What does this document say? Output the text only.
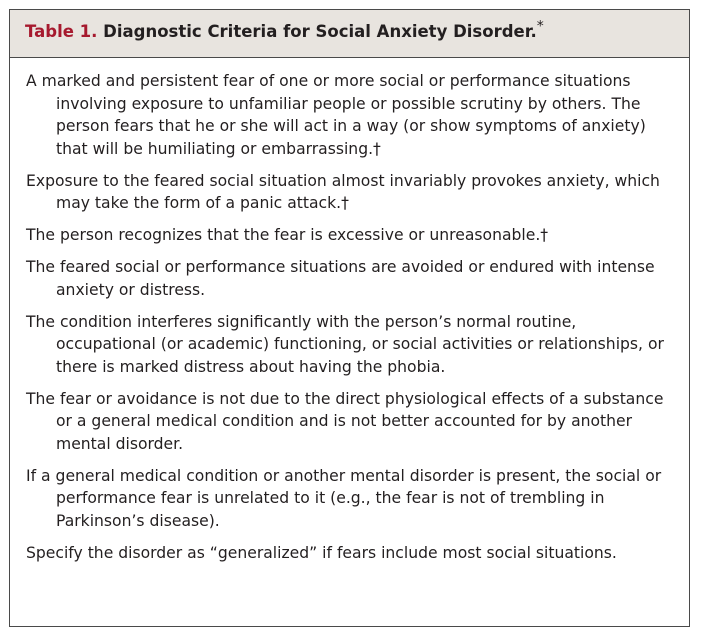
Table 1. Diagnostic Criteria for Social Anxiety Disorder.*
A marked and persistent fear of one or more social or performance situations involving exposure to unfamiliar people or possible scrutiny by others. The person fears that he or she will act in a way (or show symptoms of anxiety) that will be humiliating or embarrassing.†
Exposure to the feared social situation almost invariably provokes anxiety, which may take the form of a panic attack.†
The person recognizes that the fear is excessive or unreasonable.†
The feared social or performance situations are avoided or endured with intense anxiety or distress.
The condition interferes significantly with the person’s normal routine, occupational (or academic) functioning, or social activities or relationships, or there is marked distress about having the phobia.
The fear or avoidance is not due to the direct physiological effects of a substance or a general medical condition and is not better accounted for by another mental disorder.
If a general medical condition or another mental disorder is present, the social or performance fear is unrelated to it (e.g., the fear is not of trembling in Parkinson’s disease).
Specify the disorder as “generalized” if fears include most social situations.
